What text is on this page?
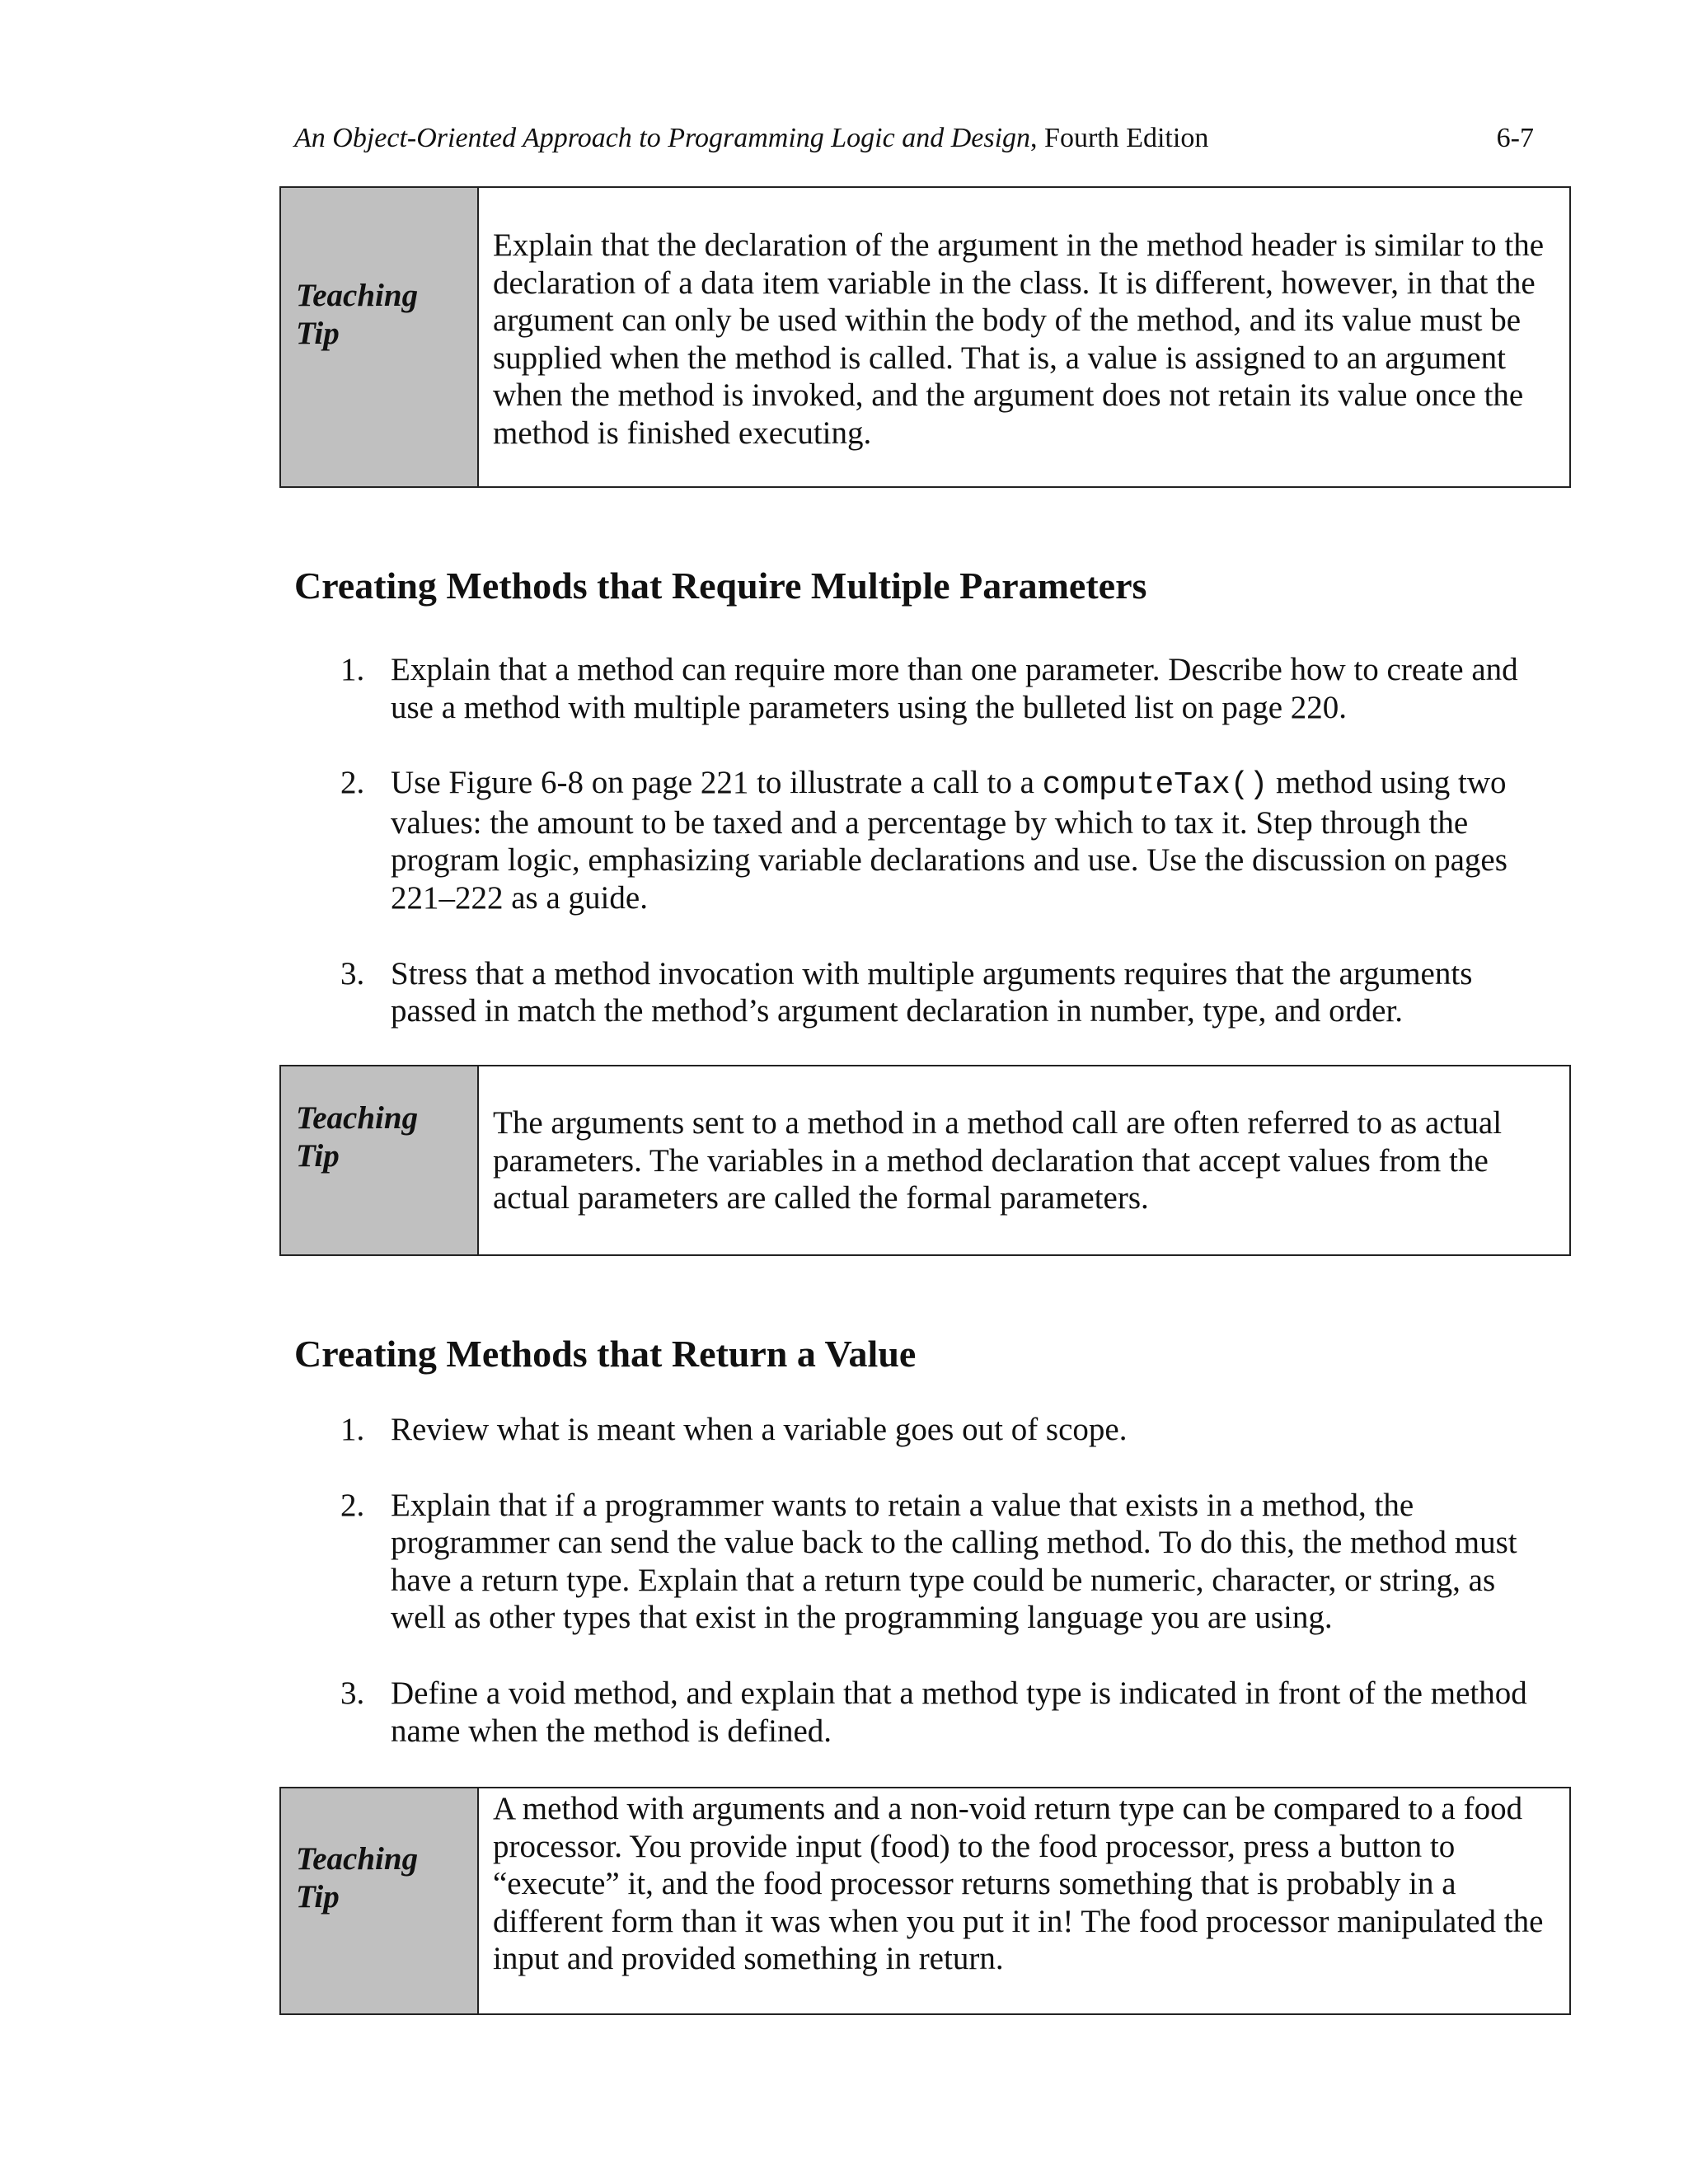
An Object-Oriented Approach to Programming Logic and Design, Fourth Edition	6-7
Teaching
Tip
Explain that the declaration of the argument in the method header is similar to the declaration of a data item variable in the class. It is different, however, in that the argument can only be used within the body of the method, and its value must be supplied when the method is called. That is, a value is assigned to an argument when the method is invoked, and the argument does not retain its value once the method is finished executing.
Creating Methods that Require Multiple Parameters
1. Explain that a method can require more than one parameter. Describe how to create and use a method with multiple parameters using the bulleted list on page 220.
2. Use Figure 6-8 on page 221 to illustrate a call to a computeTax() method using two values: the amount to be taxed and a percentage by which to tax it. Step through the program logic, emphasizing variable declarations and use. Use the discussion on pages 221–222 as a guide.
3. Stress that a method invocation with multiple arguments requires that the arguments passed in match the method’s argument declaration in number, type, and order.
Teaching
Tip
The arguments sent to a method in a method call are often referred to as actual parameters. The variables in a method declaration that accept values from the actual parameters are called the formal parameters.
Creating Methods that Return a Value
1. Review what is meant when a variable goes out of scope.
2. Explain that if a programmer wants to retain a value that exists in a method, the programmer can send the value back to the calling method. To do this, the method must have a return type. Explain that a return type could be numeric, character, or string, as well as other types that exist in the programming language you are using.
3. Define a void method, and explain that a method type is indicated in front of the method name when the method is defined.
Teaching
Tip
A method with arguments and a non-void return type can be compared to a food processor. You provide input (food) to the food processor, press a button to “execute” it, and the food processor returns something that is probably in a different form than it was when you put it in! The food processor manipulated the input and provided something in return.
